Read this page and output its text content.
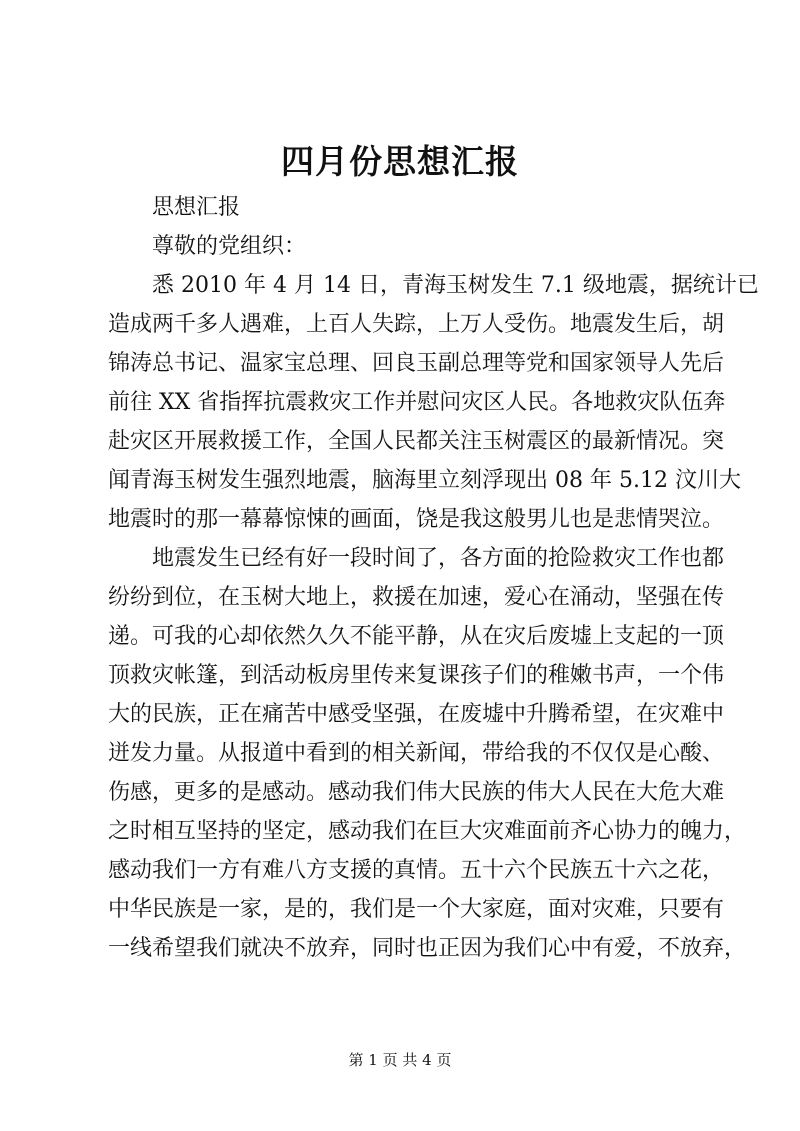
四月份思想汇报
思想汇报
尊敬的党组织：
悉 2010 年 4 月 14 日，青海玉树发生 7.1 级地震，据统计已
造成两千多人遇难，上百人失踪，上万人受伤。地震发生后，胡
锦涛总书记、温家宝总理、回良玉副总理等党和国家领导人先后
前往 XX 省指挥抗震救灾工作并慰问灾区人民。各地救灾队伍奔
赴灾区开展救援工作，全国人民都关注玉树震区的最新情况。突
闻青海玉树发生强烈地震，脑海里立刻浮现出 08 年 5.12 汶川大
地震时的那一幕幕惊悚的画面，饶是我这般男儿也是悲情哭泣。
地震发生已经有好一段时间了，各方面的抢险救灾工作也都
纷纷到位，在玉树大地上，救援在加速，爱心在涌动，坚强在传
递。可我的心却依然久久不能平静，从在灾后废墟上支起的一顶
顶救灾帐篷，到活动板房里传来复课孩子们的稚嫩书声，一个伟
大的民族，正在痛苦中感受坚强，在废墟中升腾希望，在灾难中
迸发力量。从报道中看到的相关新闻，带给我的不仅仅是心酸、
伤感，更多的是感动。感动我们伟大民族的伟大人民在大危大难
之时相互坚持的坚定，感动我们在巨大灾难面前齐心协力的魄力，
感动我们一方有难八方支援的真情。五十六个民族五十六之花，
中华民族是一家，是的，我们是一个大家庭，面对灾难，只要有
一线希望我们就决不放弃，同时也正因为我们心中有爱，不放弃，
第 1 页 共 4 页
